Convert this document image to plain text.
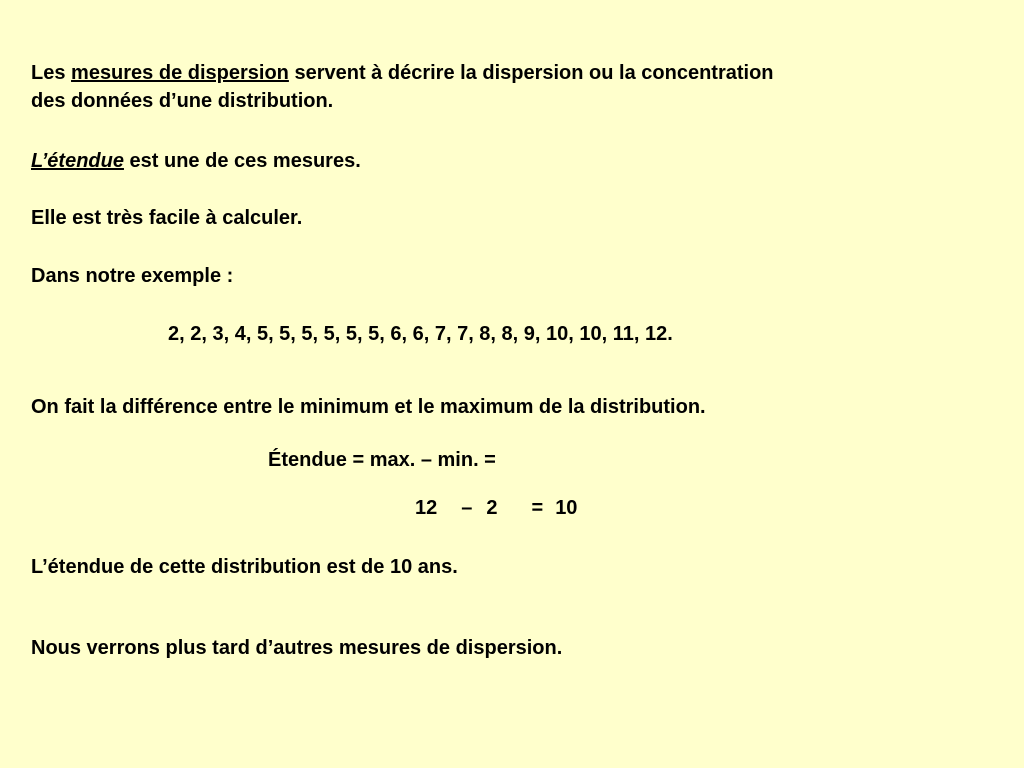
Les mesures de dispersion servent à décrire la dispersion ou la concentration
des données d’une distribution.
L’étendue est une de ces mesures.
Elle est très facile à calculer.
Dans notre exemple :
2, 2, 3, 4, 5, 5, 5, 5, 5, 5, 6, 6, 7, 7, 8, 8, 9, 10, 10, 11, 12.
On fait la différence entre le minimum et le maximum de la distribution.
Étendue = max. – min. =
12 – 2 = 10
L’étendue de cette distribution est de 10 ans.
Nous verrons plus tard d’autres mesures de dispersion.
